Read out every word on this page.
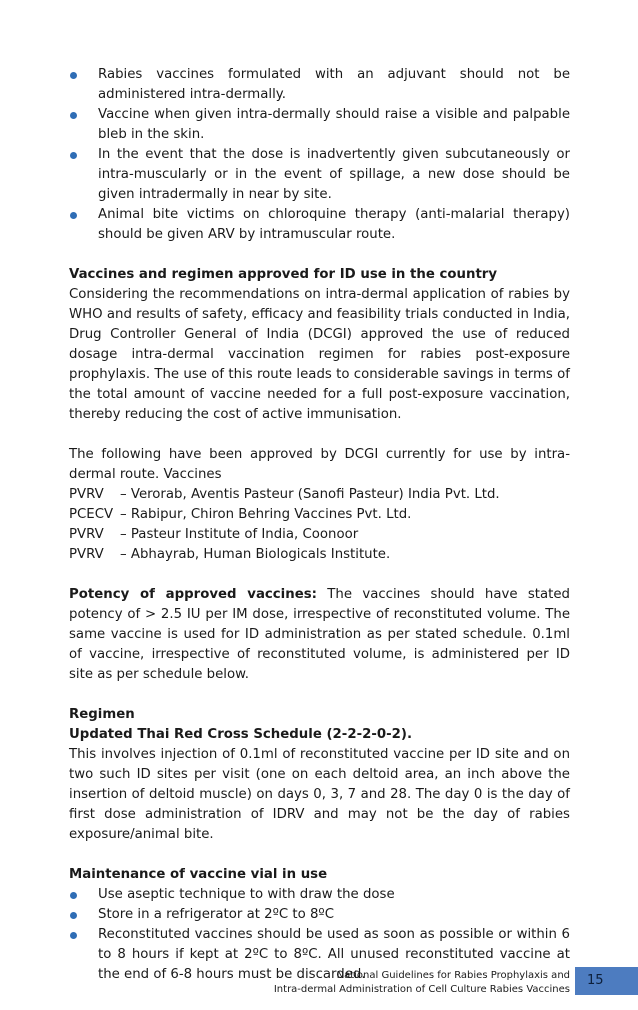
Rabies vaccines formulated with an adjuvant should not be administered intra-dermally.
Vaccine when given intra-dermally should raise a visible and palpable bleb in the skin.
In the event that the dose is inadvertently given subcutaneously or intra-muscularly or in the event of spillage, a new dose should be given intradermally in near by site.
Animal bite victims on chloroquine therapy (anti-malarial therapy) should be given ARV by intramuscular route.

Vaccines and regimen approved for ID use in the country

Considering the recommendations on intra-dermal application of rabies by WHO and results of safety, efficacy and feasibility trials conducted in India, Drug Controller General of India (DCGI) approved the use of reduced dosage intra-dermal vaccination regimen for rabies post-exposure prophylaxis. The use of this route leads to considerable savings in terms of the total amount of vaccine needed for a full post-exposure vaccination, thereby reducing the cost of active immunisation.

The following have been approved by DCGI currently for use by intra-dermal route. Vaccines

PVRV	– Verorab, Aventis Pasteur (Sanofi Pasteur) India Pvt. Ltd.
PCECV – Rabipur, Chiron Behring Vaccines Pvt. Ltd.
PVRV	– Pasteur Institute of India, Coonoor
PVRV	– Abhayrab, Human Biologicals Institute.

Potency of approved vaccines: The vaccines should have stated potency of > 2.5 IU per IM dose, irrespective of reconstituted volume. The same vaccine is used for ID administration as per stated schedule. 0.1ml of vaccine, irrespective of reconstituted volume, is administered per ID site as per schedule below.

Regimen

Updated Thai Red Cross Schedule (2-2-2-0-2).

This involves injection of 0.1ml of reconstituted vaccine per ID site and on two such ID sites per visit (one on each deltoid area, an inch above the insertion of deltoid muscle) on days 0, 3, 7 and 28. The day 0 is the day of first dose administration of IDRV and may not be the day of rabies exposure/animal bite.

Maintenance of vaccine vial in use

Use aseptic technique to with draw the dose
Store in a refrigerator at 2ºC to 8ºC
Reconstituted vaccines should be used as soon as possible or within 6 to 8 hours if kept at 2ºC to 8ºC. All unused reconstituted vaccine at the end of 6-8 hours must be discarded.
National Guidelines for Rabies Prophylaxis and
Intra-dermal Administration of Cell Culture Rabies Vaccines
15
